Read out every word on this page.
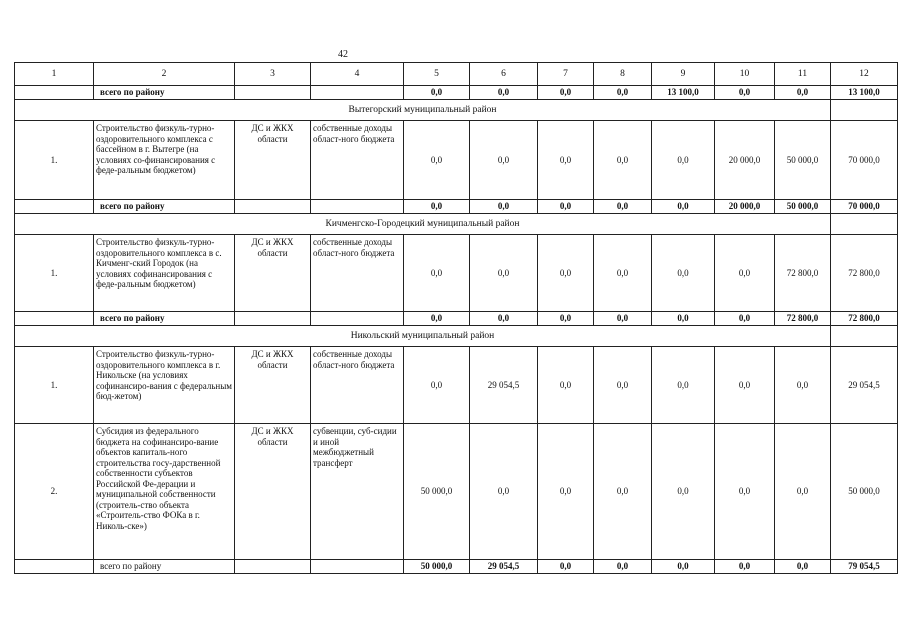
42
1	2	3	4	5	6	7	8	9	10	11	12
	всего по району			0,0	0,0	0,0	0,0	13 100,0	0,0	0,0	13 100,0
Вытегорский муниципальный район											
1.	Строительство физкуль-турно-оздоровительного комплекса с бассейном в г. Вытегре (на условиях со-финансирования с феде-ральным бюджетом)	ДС и ЖКХ области	собственные доходы област-ного бюджета	0,0	0,0	0,0	0,0	0,0	20 000,0	50 000,0	70 000,0
	всего по району			0,0	0,0	0,0	0,0	0,0	20 000,0	50 000,0	70 000,0
Кичменгско-Городецкий муниципальный район											
1.	Строительство физкуль-турно-оздоровительного комплекса в с. Кичменг-ский Городок (на условиях софинансирования с феде-ральным бюджетом)	ДС и ЖКХ области	собственные доходы област-ного бюджета	0,0	0,0	0,0	0,0	0,0	0,0	72 800,0	72 800,0
	всего по району			0,0	0,0	0,0	0,0	0,0	0,0	72 800,0	72 800,0
Никольский муниципальный район											
1.	Строительство физкуль-турно-оздоровительного комплекса в г. Никольске (на условиях софинансиро-вания с федеральным бюд-жетом)	ДС и ЖКХ области	собственные доходы област-ного бюджета	0,0	29 054,5	0,0	0,0	0,0	0,0	0,0	29 054,5
2.	Субсидия из федерального бюджета на софинансиро-вание объектов капиталь-ного строительства госу-дарственной собственности субъектов Российской Фе-дерации и муниципальной собственности (строитель-ство объекта «Строитель-ство ФОКа в г. Николь-ске»)	ДС и ЖКХ области	субвенции, суб-сидии и иной межбюджетный трансферт	50 000,0	0,0	0,0	0,0	0,0	0,0	0,0	50 000,0
	всего по району			50 000,0	29 054,5	0,0	0,0	0,0	0,0	0,0	79 054,5
